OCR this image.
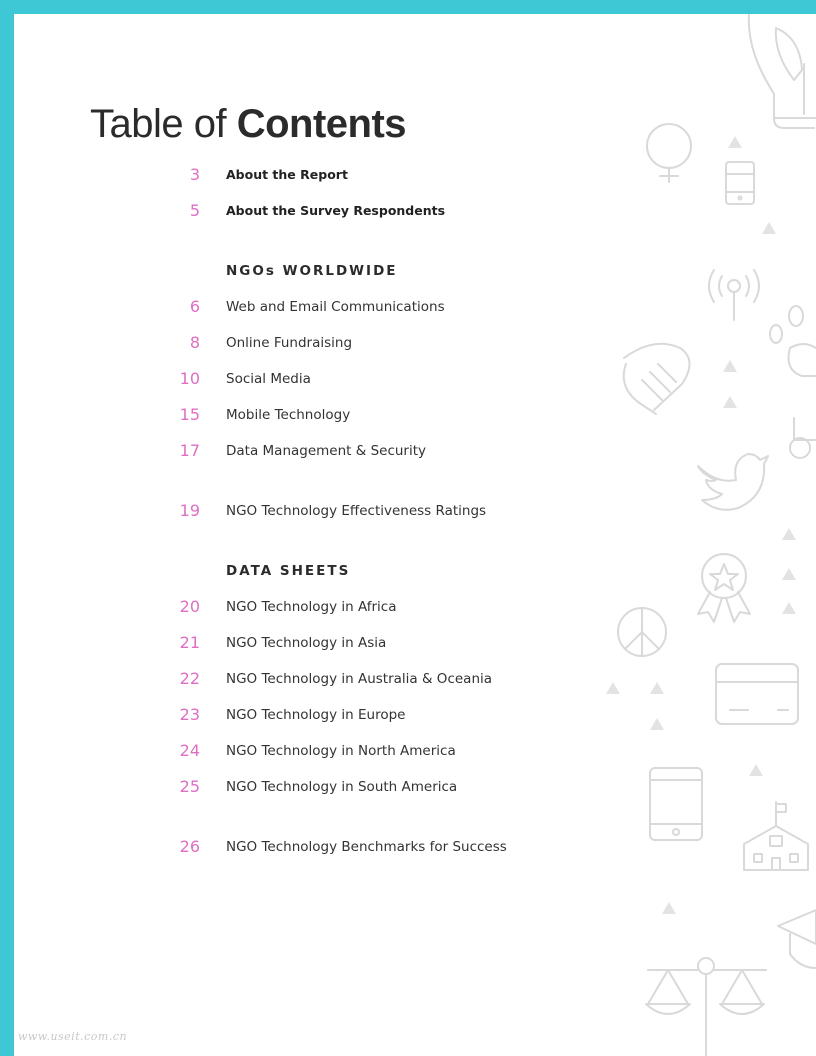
Table of Contents
3 About the Report
5 About the Survey Respondents
NGOs WORLDWIDE
6 Web and Email Communications
8 Online Fundraising
10 Social Media
15 Mobile Technology
17 Data Management & Security
19 NGO Technology Effectiveness Ratings
DATA SHEETS
20 NGO Technology in Africa
21 NGO Technology in Asia
22 NGO Technology in Australia & Oceania
23 NGO Technology in Europe
24 NGO Technology in North America
25 NGO Technology in South America
26 NGO Technology Benchmarks for Success
www.useit.com.cn
